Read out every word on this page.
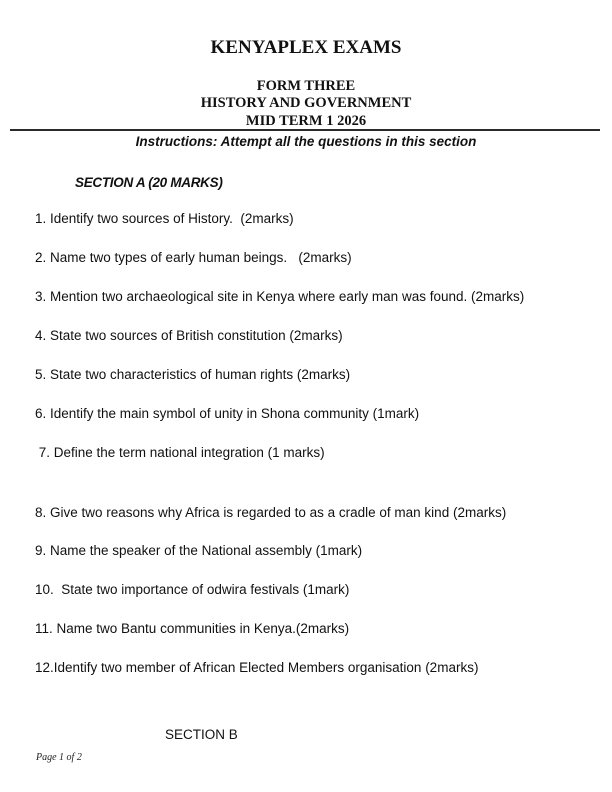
KENYAPLEX EXAMS
FORM THREE
HISTORY AND GOVERNMENT
MID TERM 1 2026
Instructions: Attempt all the questions in this section
SECTION A (20 MARKS)
1. Identify two sources of History.  (2marks)
2. Name two types of early human beings.   (2marks)
3. Mention two archaeological site in Kenya where early man was found. (2marks)
4. State two sources of British constitution (2marks)
5. State two characteristics of human rights (2marks)
6. Identify the main symbol of unity in Shona community (1mark)
7. Define the term national integration (1 marks)
8. Give two reasons why Africa is regarded to as a cradle of man kind (2marks)
9. Name the speaker of the National assembly (1mark)
10.  State two importance of odwira festivals (1mark)
11. Name two Bantu communities in Kenya.(2marks)
12.Identify two member of African Elected Members organisation (2marks)
SECTION B
Page 1 of 2
